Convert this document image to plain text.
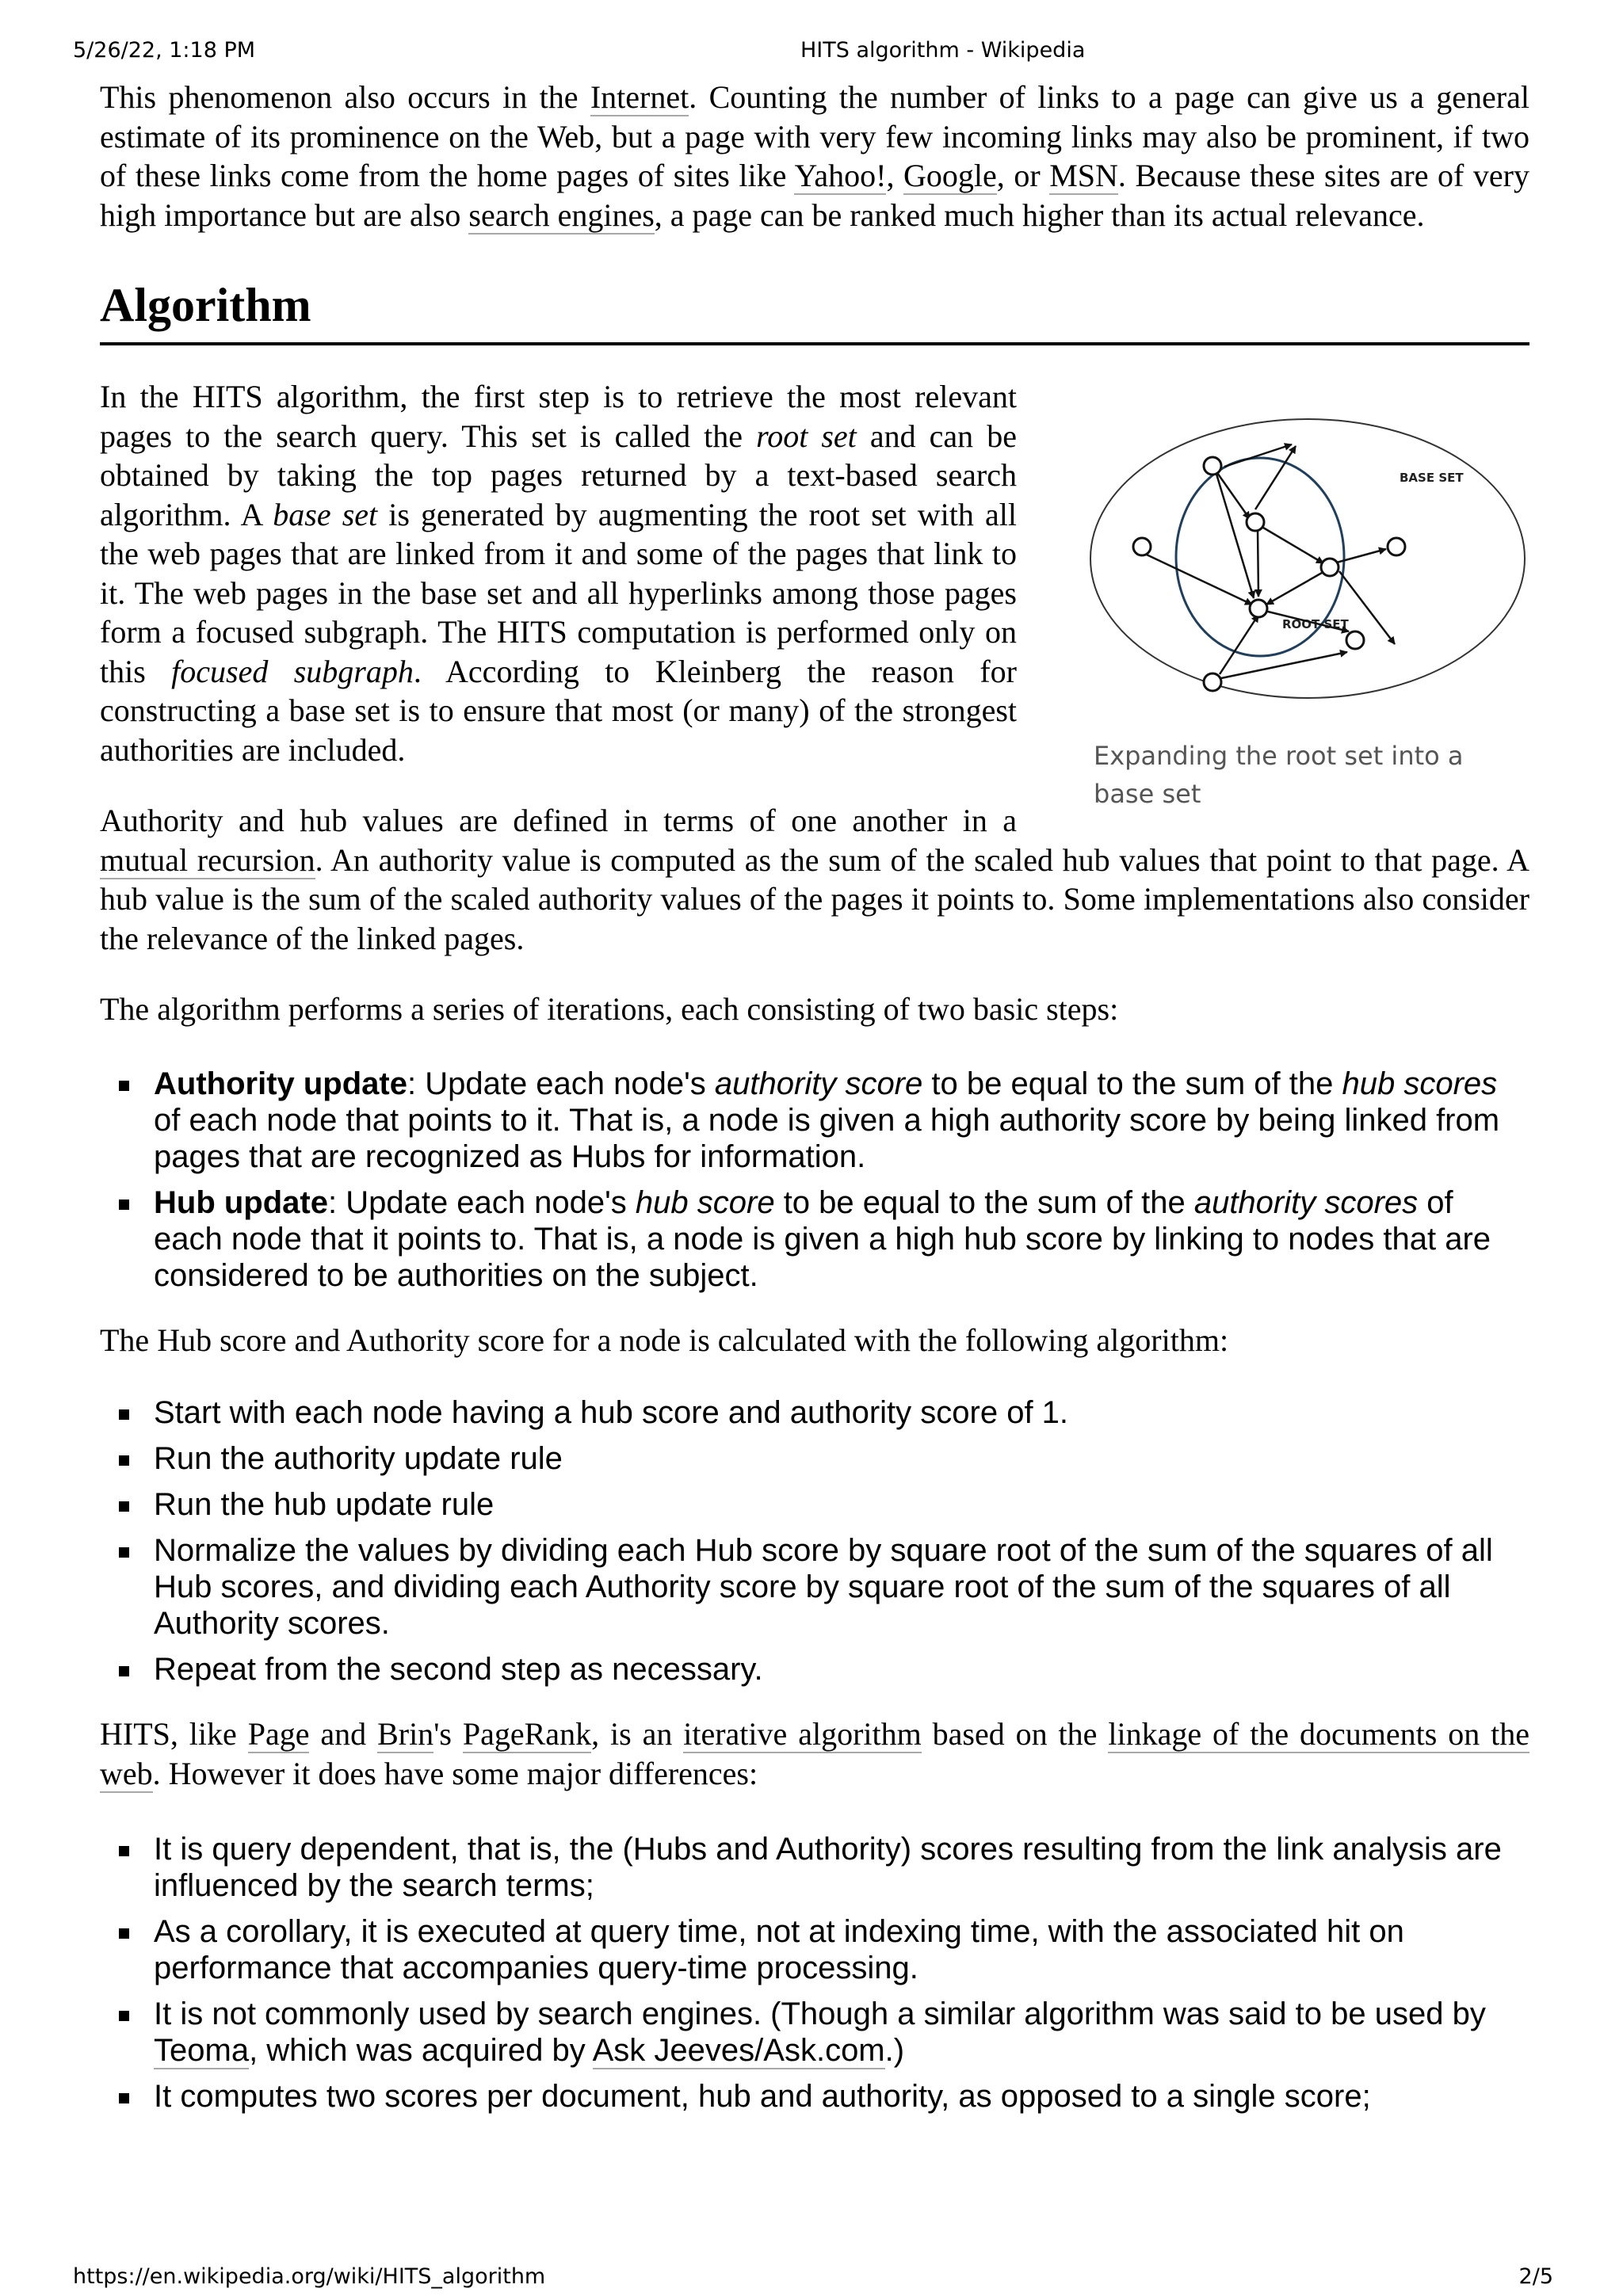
5/26/22, 1:18 PM	HITS algorithm - Wikipedia

This phenomenon also occurs in the Internet. Counting the number of links to a page can give us a general estimate of its prominence on the Web, but a page with very few incoming links may also be prominent, if two of these links come from the home pages of sites like Yahoo!, Google, or MSN. Because these sites are of very high importance but are also search engines, a page can be ranked much higher than its actual relevance.

Algorithm
BASE SET
ROOT SET

Expanding the root set into a base set

In the HITS algorithm, the first step is to retrieve the most relevant pages to the search query. This set is called the root set and can be obtained by taking the top pages returned by a text-based search algorithm. A base set is generated by augmenting the root set with all the web pages that are linked from it and some of the pages that link to it. The web pages in the base set and all hyperlinks among those pages form a focused subgraph. The HITS computation is performed only on this focused subgraph. According to Kleinberg the reason for constructing a base set is to ensure that most (or many) of the strongest authorities are included.

Authority and hub values are defined in terms of one another in a
mutual recursion. An authority value is computed as the sum of the scaled hub values that point to that page. A hub value is the sum of the scaled authority values of the pages it points to. Some implementations also consider the relevance of the linked pages.

The algorithm performs a series of iterations, each consisting of two basic steps:

Authority update: Update each node's authority score to be equal to the sum of the hub scores of each node that points to it. That is, a node is given a high authority score by being linked from pages that are recognized as Hubs for information.
Hub update: Update each node's hub score to be equal to the sum of the authority scores of each node that it points to. That is, a node is given a high hub score by linking to nodes that are considered to be authorities on the subject.

The Hub score and Authority score for a node is calculated with the following algorithm:

Start with each node having a hub score and authority score of 1.
Run the authority update rule
Run the hub update rule
Normalize the values by dividing each Hub score by square root of the sum of the squares of all Hub scores, and dividing each Authority score by square root of the sum of the squares of all Authority scores.
Repeat from the second step as necessary.

HITS, like Page and Brin's PageRank, is an iterative algorithm based on the linkage of the documents on the web. However it does have some major differences:

It is query dependent, that is, the (Hubs and Authority) scores resulting from the link analysis are influenced by the search terms;
As a corollary, it is executed at query time, not at indexing time, with the associated hit on performance that accompanies query-time processing.
It is not commonly used by search engines. (Though a similar algorithm was said to be used by Teoma, which was acquired by Ask Jeeves/Ask.com.)
It computes two scores per document, hub and authority, as opposed to a single score;
https://en.wikipedia.org/wiki/HITS_algorithm	2/5
